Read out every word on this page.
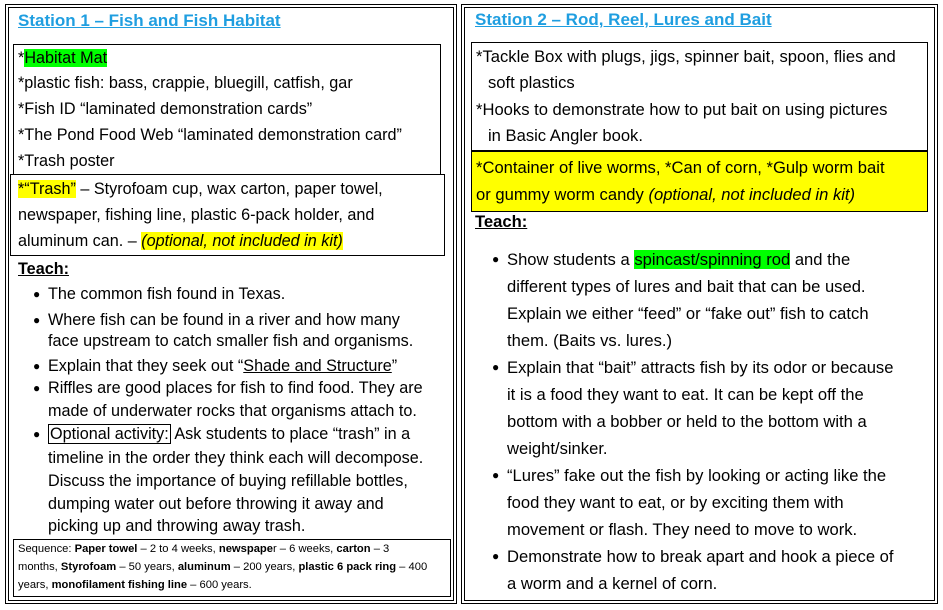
Station 1 – Fish and Fish Habitat
*Habitat Mat
*plastic fish: bass, crappie, bluegill, catfish, gar
*Fish ID “laminated demonstration cards”
*The Pond Food Web “laminated demonstration card”
*Trash poster
*“Trash” – Styrofoam cup, wax carton, paper towel,
newspaper, fishing line, plastic 6-pack holder, and
aluminum can. – (optional, not included in kit)
Teach:
● The common fish found in Texas.
● Where fish can be found in a river and how many
face upstream to catch smaller fish and organisms.
● Explain that they seek out “Shade and Structure”
● Riffles are good places for fish to find food. They are
made of underwater rocks that organisms attach to.
● Optional activity: Ask students to place “trash” in a
timeline in the order they think each will decompose.
Discuss the importance of buying refillable bottles,
dumping water out before throwing it away and
picking up and throwing away trash.
Sequence: Paper towel – 2 to 4 weeks, newspaper – 6 weeks, carton – 3
months, Styrofoam – 50 years, aluminum – 200 years, plastic 6 pack ring – 400
years, monofilament fishing line – 600 years.
Station 2 – Rod, Reel, Lures and Bait
*Tackle Box with plugs, jigs, spinner bait, spoon, flies and
soft plastics
*Hooks to demonstrate how to put bait on using pictures
in Basic Angler book.
*Container of live worms, *Can of corn, *Gulp worm bait
or gummy worm candy (optional, not included in kit)
Teach:
● Show students a spincast/spinning rod and the
different types of lures and bait that can be used.
Explain we either “feed” or “fake out” fish to catch
them. (Baits vs. lures.)
● Explain that “bait” attracts fish by its odor or because
it is a food they want to eat. It can be kept off the
bottom with a bobber or held to the bottom with a
weight/sinker.
● “Lures” fake out the fish by looking or acting like the
food they want to eat, or by exciting them with
movement or flash. They need to move to work.
● Demonstrate how to break apart and hook a piece of
a worm and a kernel of corn.
